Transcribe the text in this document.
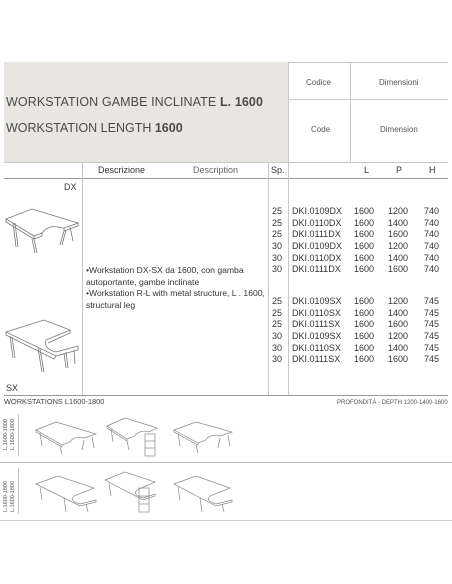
WORKSTATION GAMBE INCLINATE L. 1600
WORKSTATION LENGTH 1600
Codice
Code
Dimensioni
Dimension
Descrizione	Description	Sp.	L	P	H
DX
SX
•Workstation DX-SX da 1600, con gamba autoportante, gambe inclinate
•Workstation R-L with metal structure, L . 1600, structural leg
25 DKI.0109DX 1600 1200 740
25 DKI.0110DX 1600 1400 740
25 DKI.0111DX 1600 1600 740
30 DKI.0109DX 1600 1200 740
30 DKI.0110DX 1600 1400 740
30 DKI.0111DX 1600 1600 740
25 DKI.0109SX 1600 1200 745
25 DKI.0110SX 1600 1400 745
25 DKI.0111SX 1600 1600 745
30 DKI.0109SX 1600 1200 745
30 DKI.0110SX 1600 1400 745
30 DKI.0111SX 1600 1600 745
WORKSTATIONS L1600-1800	PROFONDITÀ - DEPTH 1200-1400-1600
L.1600-1800 L.1600-1800
L.1600-1800 L.1600-1800
